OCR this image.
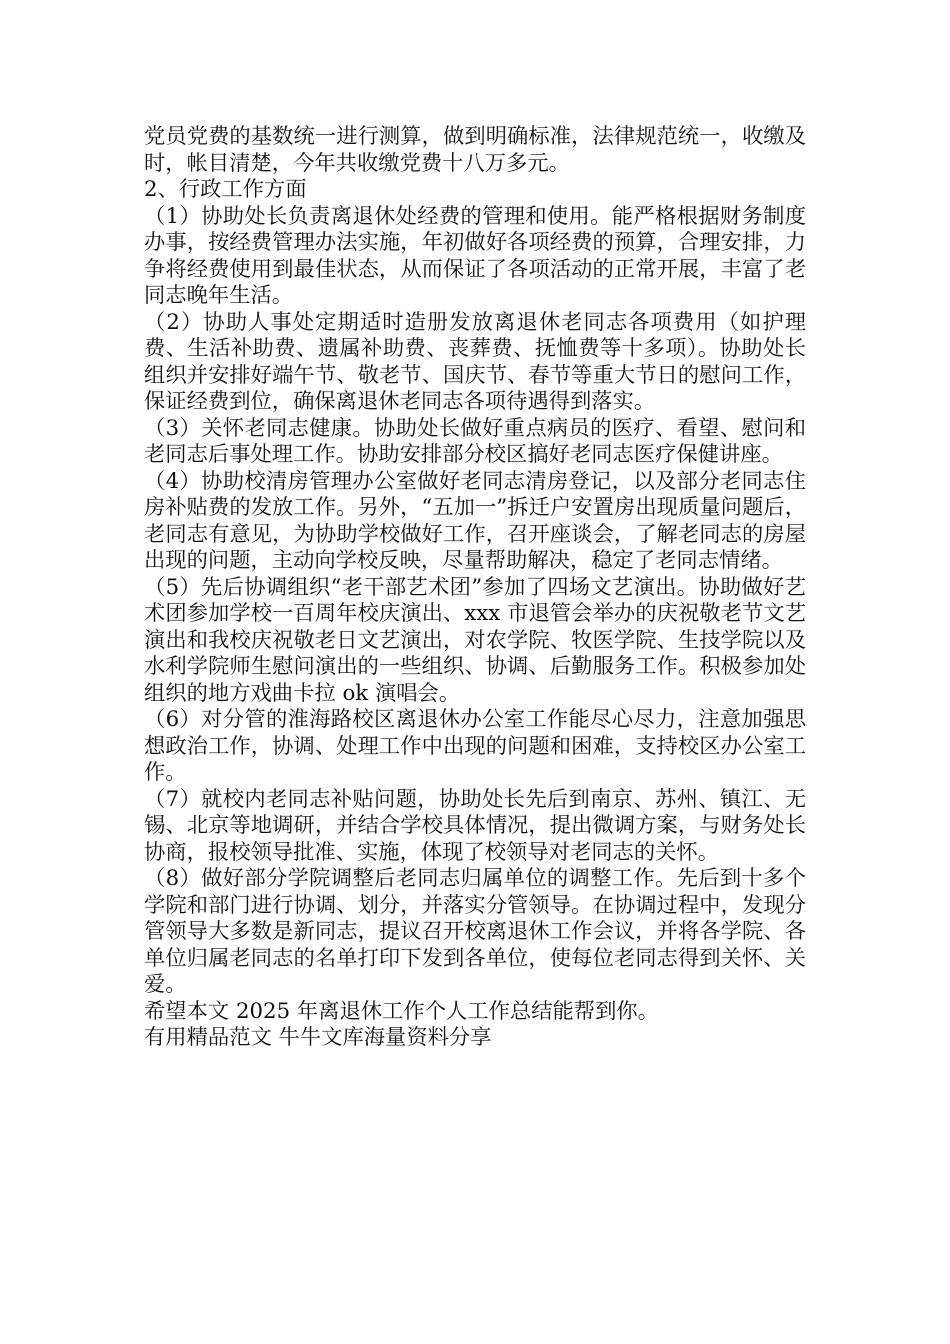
党员党费的基数统一进行测算，做到明确标准，法律规范统一，收缴及时，帐目清楚，今年共收缴党费十八万多元。

2、行政工作方面

（1）协助处长负责离退休处经费的管理和使用。能严格根据财务制度办事，按经费管理办法实施，年初做好各项经费的预算，合理安排，力争将经费使用到最佳状态，从而保证了各项活动的正常开展，丰富了老同志晚年生活。

（2）协助人事处定期适时造册发放离退休老同志各项费用（如护理费、生活补助费、遗属补助费、丧葬费、抚恤费等十多项）。协助处长组织并安排好端午节、敬老节、国庆节、春节等重大节日的慰问工作，保证经费到位，确保离退休老同志各项待遇得到落实。

（3）关怀老同志健康。协助处长做好重点病员的医疗、看望、慰问和老同志后事处理工作。协助安排部分校区搞好老同志医疗保健讲座。

（4）协助校清房管理办公室做好老同志清房登记，以及部分老同志住房补贴费的发放工作。另外，“五加一”拆迁户安置房出现质量问题后，老同志有意见，为协助学校做好工作，召开座谈会，了解老同志的房屋出现的问题，主动向学校反映，尽量帮助解决，稳定了老同志情绪。

（5）先后协调组织“老干部艺术团”参加了四场文艺演出。协助做好艺术团参加学校一百周年校庆演出、xxx 市退管会举办的庆祝敬老节文艺演出和我校庆祝敬老日文艺演出，对农学院、牧医学院、生技学院以及水利学院师生慰问演出的一些组织、协调、后勤服务工作。积极参加处组织的地方戏曲卡拉 ok 演唱会。

（6）对分管的淮海路校区离退休办公室工作能尽心尽力，注意加强思想政治工作，协调、处理工作中出现的问题和困难，支持校区办公室工作。

（7）就校内老同志补贴问题，协助处长先后到南京、苏州、镇江、无锡、北京等地调研，并结合学校具体情况，提出微调方案，与财务处长协商，报校领导批准、实施，体现了校领导对老同志的关怀。

（8）做好部分学院调整后老同志归属单位的调整工作。先后到十多个学院和部门进行协调、划分，并落实分管领导。在协调过程中，发现分管领导大多数是新同志，提议召开校离退休工作会议，并将各学院、各单位归属老同志的名单打印下发到各单位，使每位老同志得到关怀、关爱。

希望本文 2025 年离退休工作个人工作总结能帮到你。

有用精品范文 牛牛文库海量资料分享
